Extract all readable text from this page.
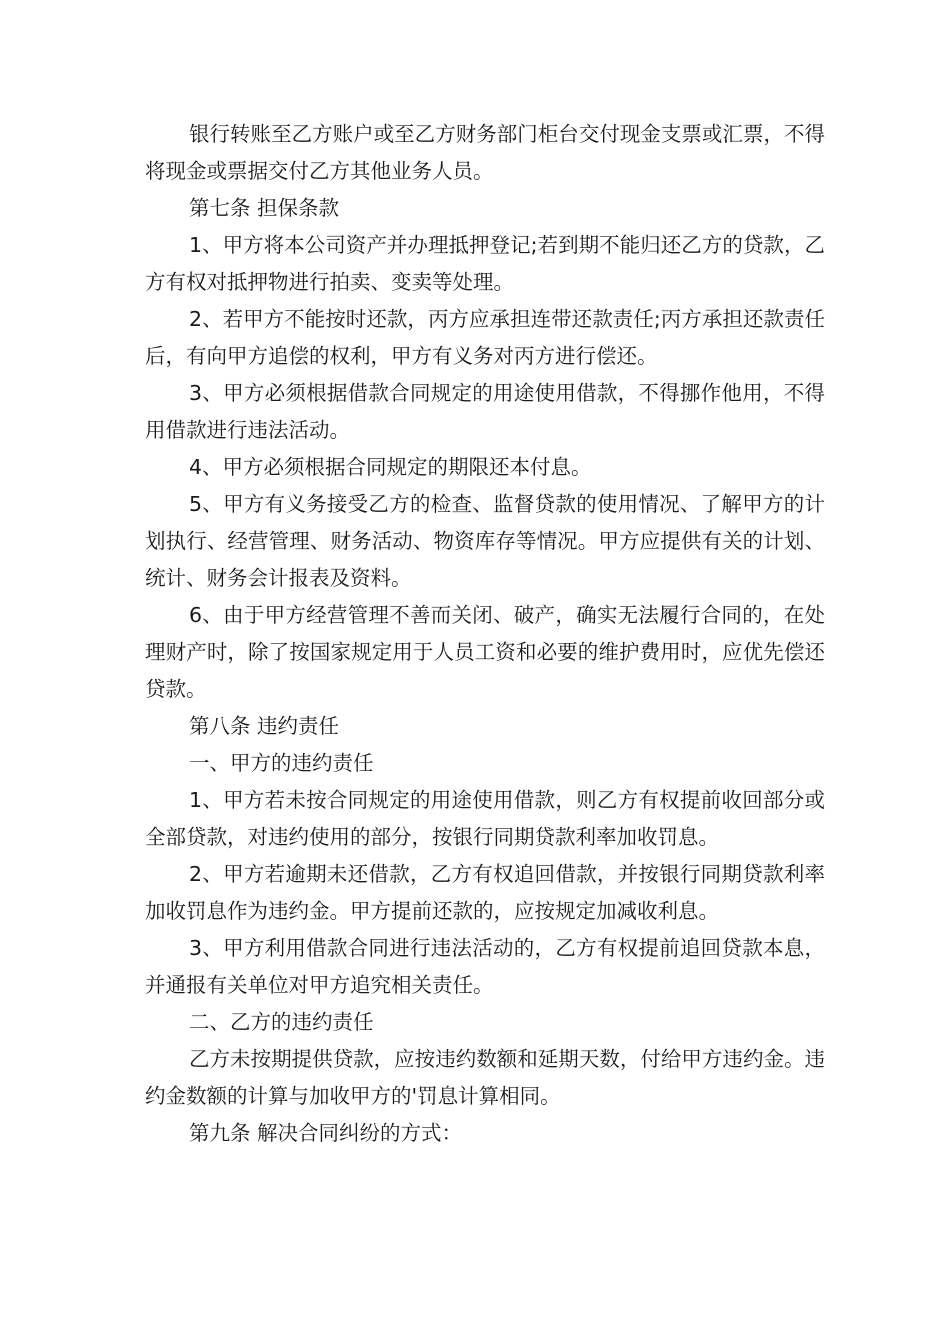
银行转账至乙方账户或至乙方财务部门柜台交付现金支票或汇票，不得将现金或票据交付乙方其他业务人员。

第七条 担保条款

1、甲方将本公司资产并办理抵押登记;若到期不能归还乙方的贷款，乙方有权对抵押物进行拍卖、变卖等处理。

2、若甲方不能按时还款，丙方应承担连带还款责任;丙方承担还款责任后，有向甲方追偿的权利，甲方有义务对丙方进行偿还。

3、甲方必须根据借款合同规定的用途使用借款，不得挪作他用，不得用借款进行违法活动。

4、甲方必须根据合同规定的期限还本付息。

5、甲方有义务接受乙方的检查、监督贷款的使用情况、了解甲方的计划执行、经营管理、财务活动、物资库存等情况。甲方应提供有关的计划、统计、财务会计报表及资料。

6、由于甲方经营管理不善而关闭、破产，确实无法履行合同的，在处理财产时，除了按国家规定用于人员工资和必要的维护费用时，应优先偿还贷款。

第八条 违约责任

一、甲方的违约责任

1、甲方若未按合同规定的用途使用借款，则乙方有权提前收回部分或全部贷款，对违约使用的部分，按银行同期贷款利率加收罚息。

2、甲方若逾期未还借款，乙方有权追回借款，并按银行同期贷款利率加收罚息作为违约金。甲方提前还款的，应按规定加减收利息。

3、甲方利用借款合同进行违法活动的，乙方有权提前追回贷款本息，并通报有关单位对甲方追究相关责任。

二、乙方的违约责任

乙方未按期提供贷款，应按违约数额和延期天数，付给甲方违约金。违约金数额的计算与加收甲方的'罚息计算相同。

第九条 解决合同纠纷的方式：
